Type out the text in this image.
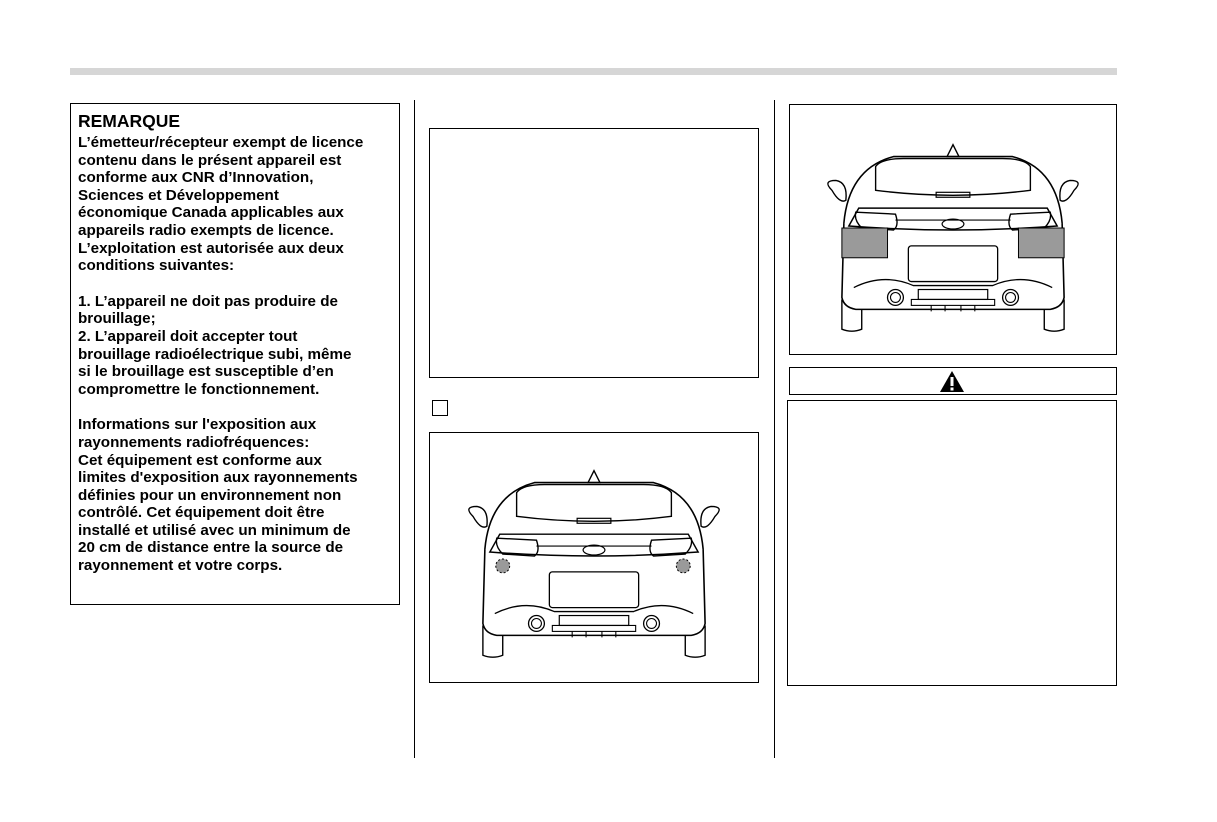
REMARQUE
L’émetteur/récepteur exempt de licence
contenu dans le présent appareil est
conforme aux CNR d’Innovation,
Sciences et Développement
économique Canada applicables aux
appareils radio exempts de licence.
L’exploitation est autorisée aux deux
conditions suivantes:
1. L’appareil ne doit pas produire de
brouillage;
2. L’appareil doit accepter tout
brouillage radioélectrique subi, même
si le brouillage est susceptible d’en
compromettre le fonctionnement.
Informations sur l'exposition aux
rayonnements radiofréquences:
Cet équipement est conforme aux
limites d'exposition aux rayonnements
définies pour un environnement non
contrôlé. Cet équipement doit être
installé et utilisé avec un minimum de
20 cm de distance entre la source de
rayonnement et votre corps.
